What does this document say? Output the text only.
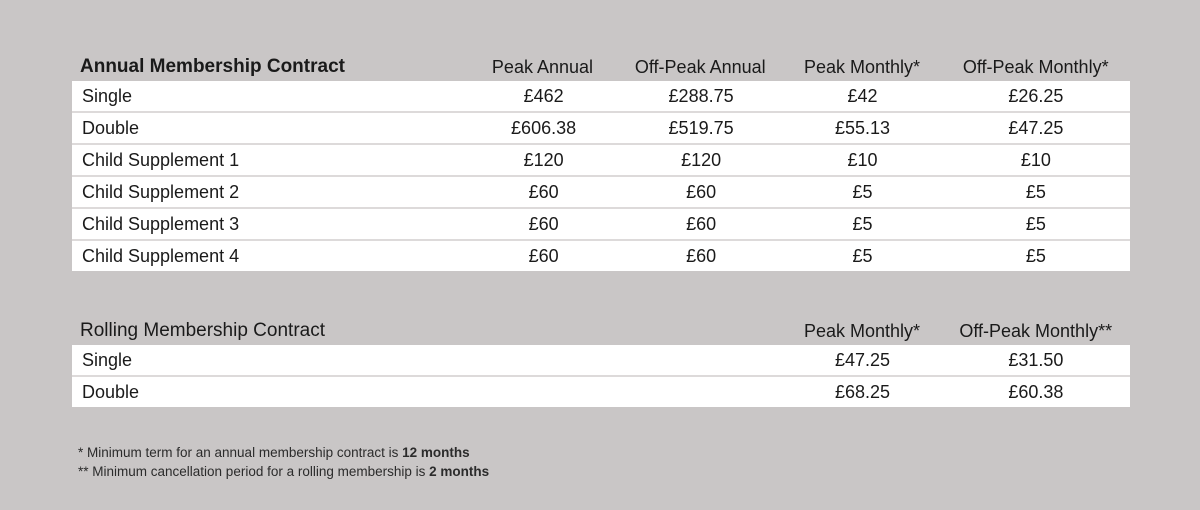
Annual Membership Contract	Peak Annual	Off-Peak Annual	Peak Monthly*	Off-Peak Monthly*
Single	£462	£288.75	£42	£26.25
Double	£606.38	£519.75	£55.13	£47.25
Child Supplement 1	£120	£120	£10	£10
Child Supplement 2	£60	£60	£5	£5
Child Supplement 3	£60	£60	£5	£5
Child Supplement 4	£60	£60	£5	£5
Rolling Membership Contract	Peak Monthly*	Off-Peak Monthly**
Single	£47.25	£31.50
Double	£68.25	£60.38
* Minimum term for an annual membership contract is 12 months
** Minimum cancellation period for a rolling membership is 2 months
